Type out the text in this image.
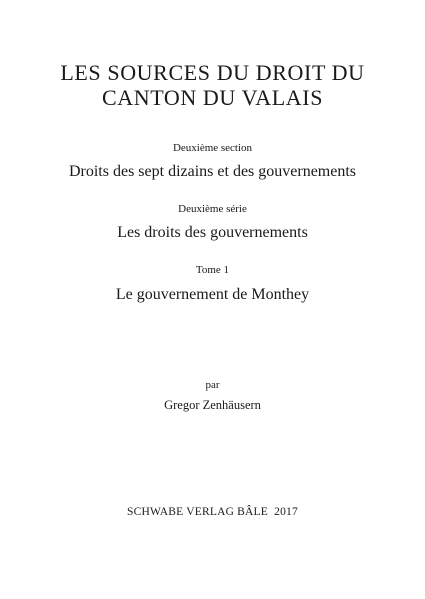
LES SOURCES DU DROIT DU
CANTON DU VALAIS
Deuxième section
Droits des sept dizains et des gouvernements
Deuxième série
Les droits des gouvernements
Tome 1
Le gouvernement de Monthey
par
Gregor Zenhäusern
SCHWABE VERLAG BÂLE  2017
